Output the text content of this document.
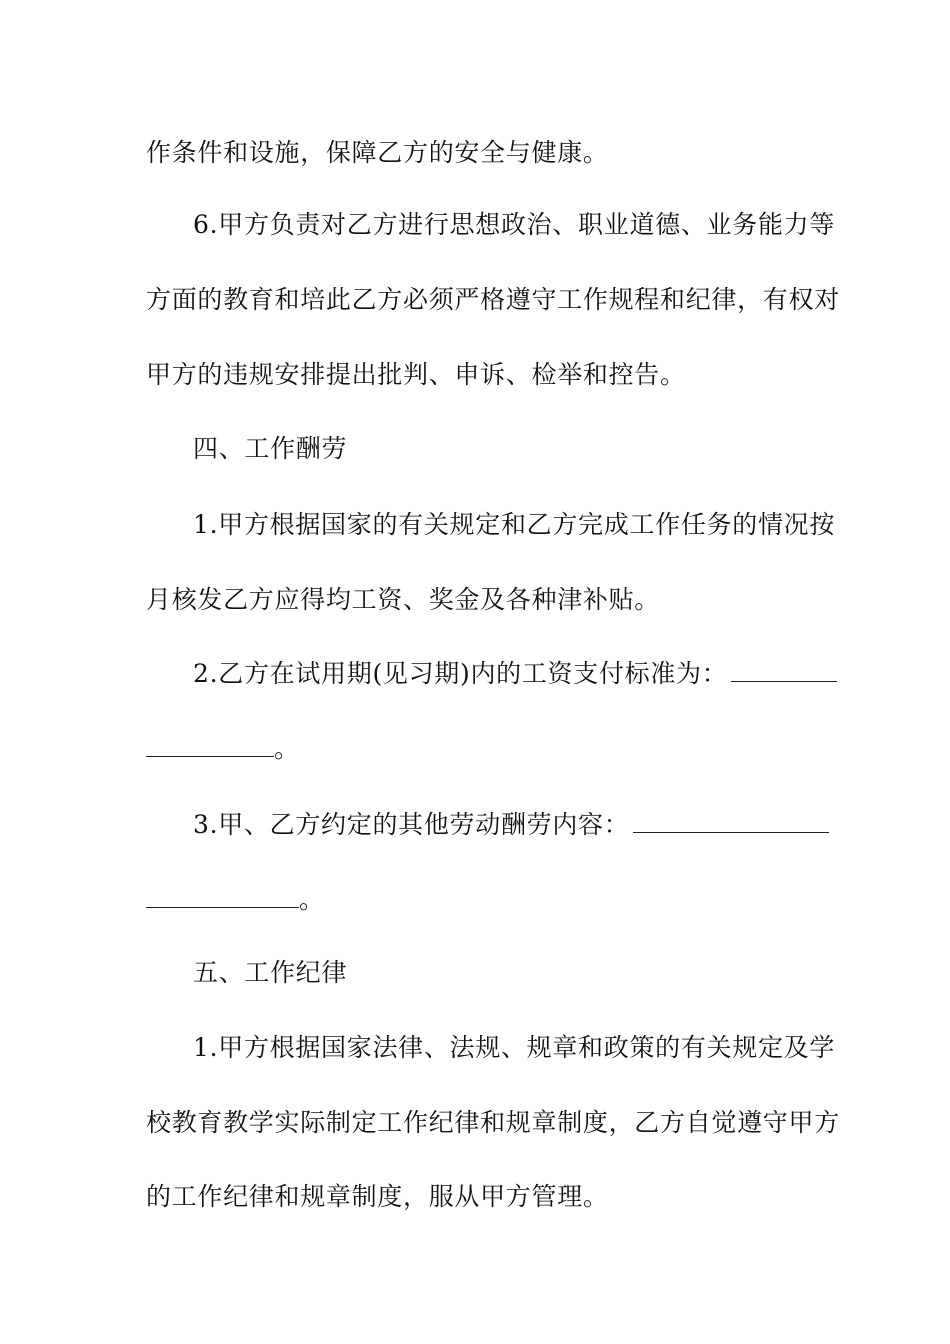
作条件和设施，保障乙方的安全与健康。
6.甲方负责对乙方进行思想政治、职业道德、业务能力等
方面的教育和培此乙方必须严格遵守工作规程和纪律，有权对
甲方的违规安排提出批判、申诉、检举和控告。
四、工作酬劳
1.甲方根据国家的有关规定和乙方完成工作任务的情况按
月核发乙方应得均工资、奖金及各种津补贴。
2.乙方在试用期(见习期)内的工资支付标准为：
。
3.甲、乙方约定的其他劳动酬劳内容：
。
五、工作纪律
1.甲方根据国家法律、法规、规章和政策的有关规定及学
校教育教学实际制定工作纪律和规章制度，乙方自觉遵守甲方
的工作纪律和规章制度，服从甲方管理。
